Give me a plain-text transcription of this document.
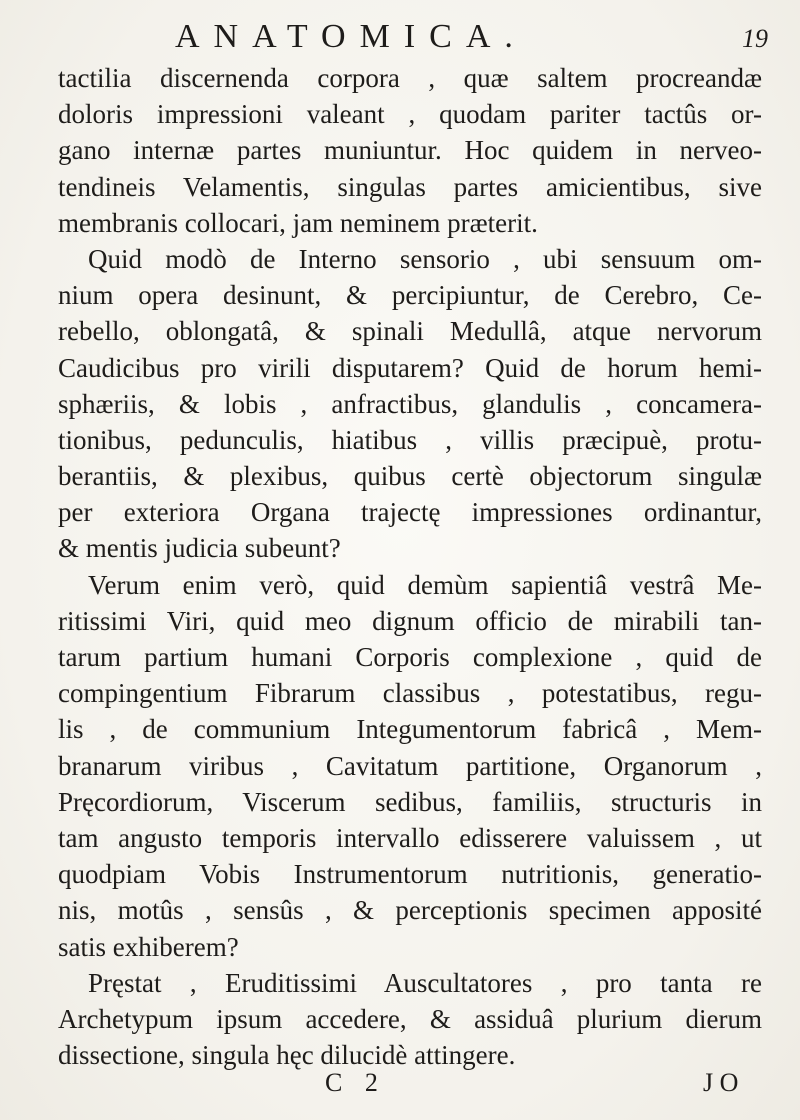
ANATOMICA.	19
tactilia discernenda corpora , quæ saltem procreandæ
doloris impressioni valeant , quodam pariter tactûs or-
gano internæ partes muniuntur. Hoc quidem in nerveo-
tendineis Velamentis, singulas partes amicientibus, sive
membranis collocari, jam neminem præterit.
Quid modò de Interno sensorio , ubi sensuum om-
nium opera desinunt, & percipiuntur, de Cerebro, Ce-
rebello, oblongatâ, & spinali Medullâ, atque nervorum
Caudicibus pro virili disputarem? Quid de horum hemi-
sphæriis, & lobis , anfractibus, glandulis , concamera-
tionibus, pedunculis, hiatibus , villis præcipuè, protu-
berantiis, & plexibus, quibus certè objectorum singulæ
per exteriora Organa trajectę impressiones ordinantur,
& mentis judicia subeunt?
Verum enim verò, quid demùm sapientiâ vestrâ Me-
ritissimi Viri, quid meo dignum officio de mirabili tan-
tarum partium humani Corporis complexione , quid de
compingentium Fibrarum classibus , potestatibus, regu-
lis , de communium Integumentorum fabricâ , Mem-
branarum viribus , Cavitatum partitione, Organorum ,
Pręcordiorum, Viscerum sedibus, familiis, structuris in
tam angusto temporis intervallo edisserere valuissem , ut
quodpiam Vobis Instrumentorum nutritionis, generatio-
nis, motûs , sensûs , & perceptionis specimen apposité
satis exhiberem?
Pręstat , Eruditissimi Auscultatores , pro tanta re
Archetypum ipsum accedere, & assiduâ plurium dierum
dissectione, singula hęc dilucidè attingere.
C 2	J O
